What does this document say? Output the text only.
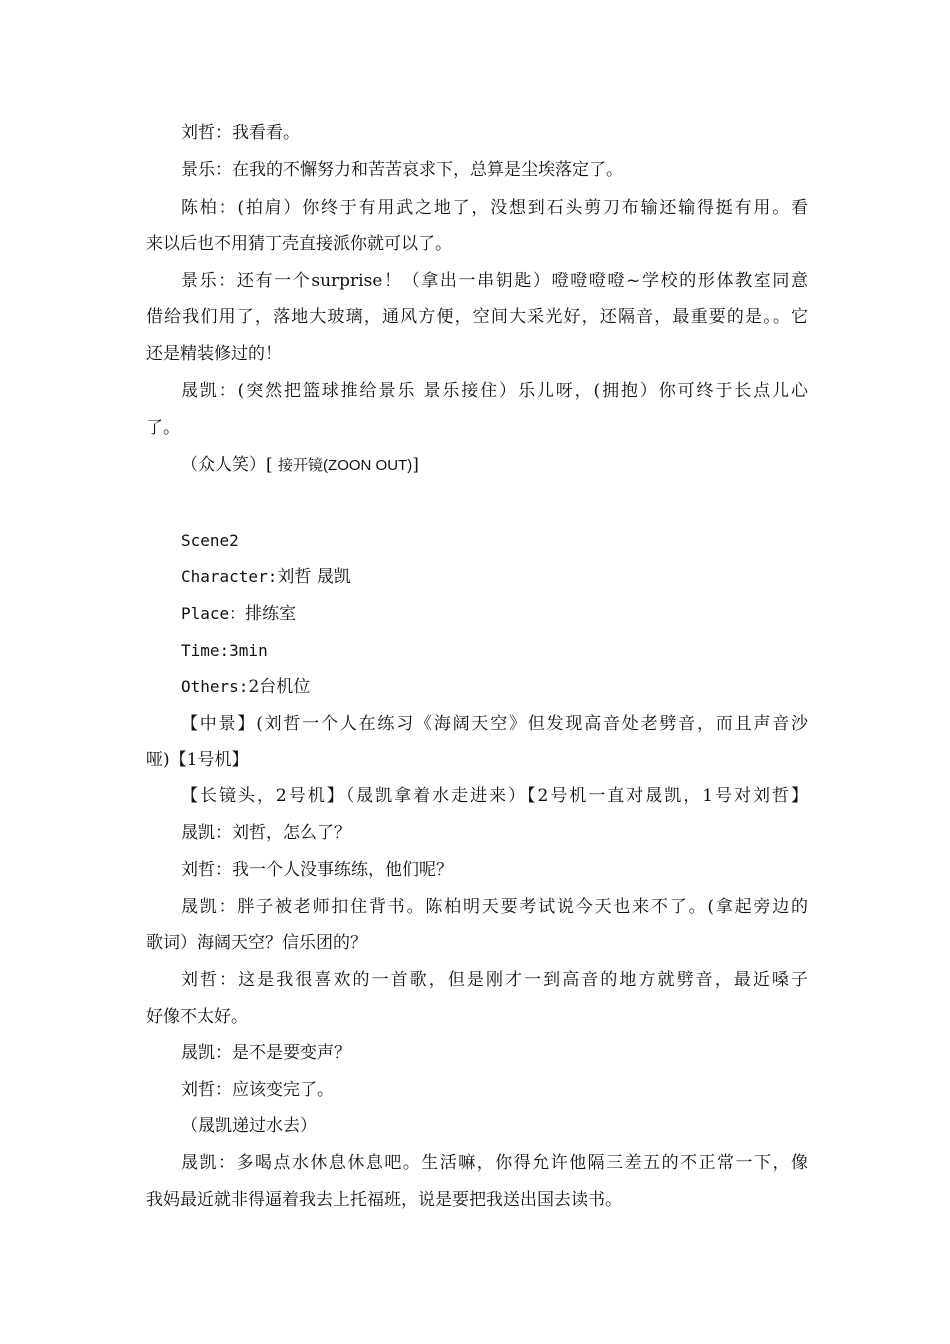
刘哲：我看看。
景乐：在我的不懈努力和苦苦哀求下，总算是尘埃落定了。
陈柏：(拍肩）你终于有用武之地了，没想到石头剪刀布输还输得挺有用。看
来以后也不用猜丁壳直接派你就可以了。
景乐：还有一个surprise！（拿出一串钥匙）噔噔噔噔~学校的形体教室同意
借给我们用了，落地大玻璃，通风方便，空间大采光好，还隔音，最重要的是。。它
还是精装修过的！
晟凯：(突然把篮球推给景乐 景乐接住）乐儿呀，(拥抱）你可终于长点儿心
了。
（众人笑）[ 接开镜(ZOON OUT)]
Scene2
Character:刘哲 晟凯
Place：排练室
Time:3min
Others:2台机位
【中景】(刘哲一个人在练习《海阔天空》但发现高音处老劈音，而且声音沙
哑)【1号机】
【长镜头，2号机】（晟凯拿着水走进来）【2号机一直对晟凯，1号对刘哲】
晟凯：刘哲，怎么了？
刘哲：我一个人没事练练，他们呢？
晟凯：胖子被老师扣住背书。陈柏明天要考试说今天也来不了。(拿起旁边的
歌词）海阔天空？信乐团的？
刘哲：这是我很喜欢的一首歌，但是刚才一到高音的地方就劈音，最近嗓子
好像不太好。
晟凯：是不是要变声？
刘哲：应该变完了。
（晟凯递过水去）
晟凯：多喝点水休息休息吧。生活嘛，你得允许他隔三差五的不正常一下，像
我妈最近就非得逼着我去上托福班，说是要把我送出国去读书。
